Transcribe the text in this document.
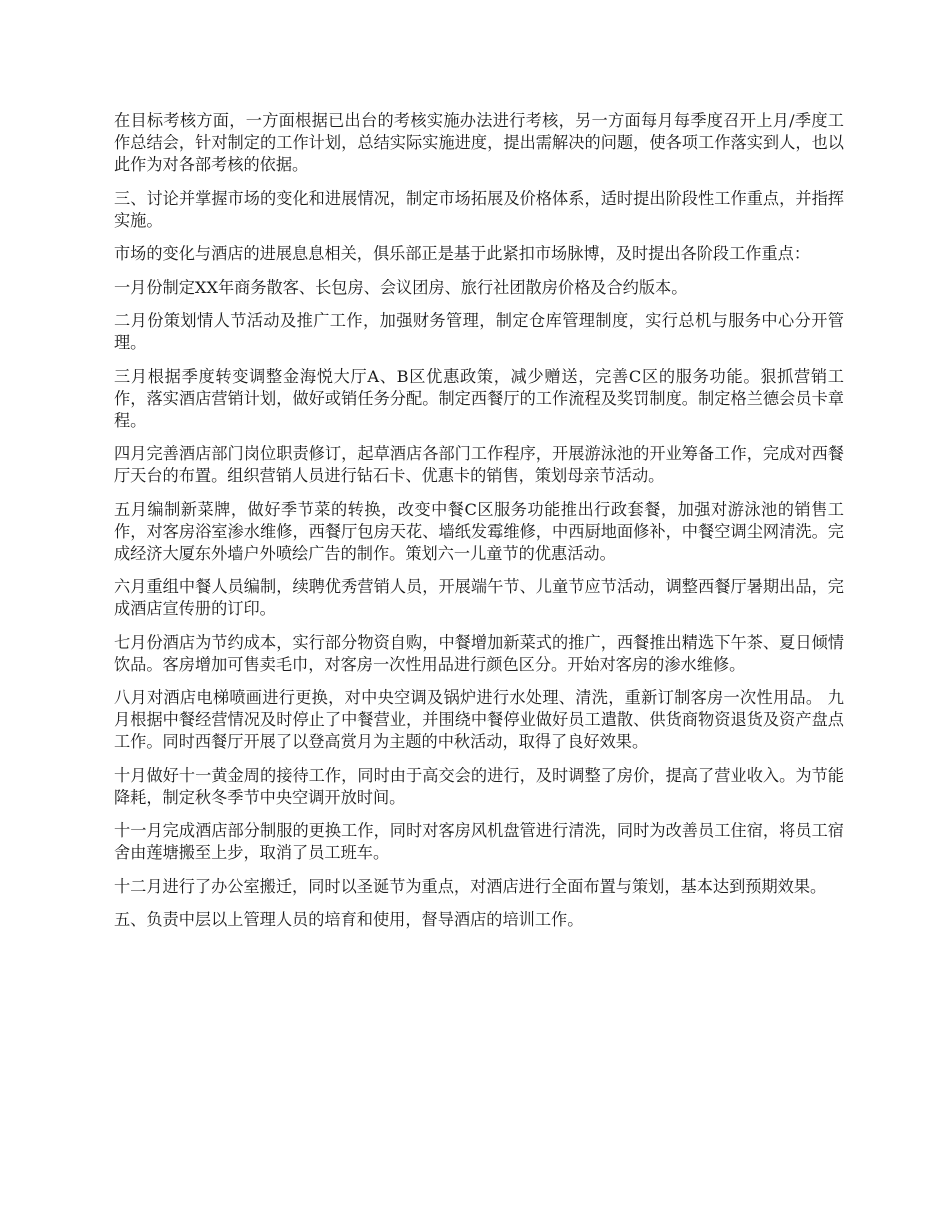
在目标考核方面，一方面根据已出台的考核实施办法进行考核，另一方面每月每季度召开上月/季度工作总结会，针对制定的工作计划，总结实际实施进度，提出需解决的问题，使各项工作落实到人，也以此作为对各部考核的依据。

三、讨论并掌握市场的变化和进展情况，制定市场拓展及价格体系，适时提出阶段性工作重点，并指挥实施。

市场的变化与酒店的进展息息相关，俱乐部正是基于此紧扣市场脉博，及时提出各阶段工作重点：

一月份制定XX年商务散客、长包房、会议团房、旅行社团散房价格及合约版本。

二月份策划情人节活动及推广工作，加强财务管理，制定仓库管理制度，实行总机与服务中心分开管理。

三月根据季度转变调整金海悦大厅A、B区优惠政策，减少赠送，完善C区的服务功能。狠抓营销工作，落实酒店营销计划，做好或销任务分配。制定西餐厅的工作流程及奖罚制度。制定格兰德会员卡章程。

四月完善酒店部门岗位职责修订，起草酒店各部门工作程序，开展游泳池的开业筹备工作，完成对西餐厅天台的布置。组织营销人员进行钻石卡、优惠卡的销售，策划母亲节活动。

五月编制新菜牌，做好季节菜的转换，改变中餐C区服务功能推出行政套餐，加强对游泳池的销售工作，对客房浴室渗水维修，西餐厅包房天花、墙纸发霉维修，中西厨地面修补，中餐空调尘网清洗。完成经济大厦东外墙户外喷绘广告的制作。策划六一儿童节的优惠活动。

六月重组中餐人员编制，续聘优秀营销人员，开展端午节、儿童节应节活动，调整西餐厅暑期出品，完成酒店宣传册的订印。

七月份酒店为节约成本，实行部分物资自购，中餐增加新菜式的推广，西餐推出精选下午茶、夏日倾情饮品。客房增加可售卖毛巾，对客房一次性用品进行颜色区分。开始对客房的渗水维修。

八月对酒店电梯喷画进行更换，对中央空调及锅炉进行水处理、清洗，重新订制客房一次性用品。 九月根据中餐经营情况及时停止了中餐营业，并围绕中餐停业做好员工遣散、供货商物资退货及资产盘点工作。同时西餐厅开展了以登高赏月为主题的中秋活动，取得了良好效果。

十月做好十一黄金周的接待工作，同时由于高交会的进行，及时调整了房价，提高了营业收入。为节能降耗，制定秋冬季节中央空调开放时间。

十一月完成酒店部分制服的更换工作，同时对客房风机盘管进行清洗，同时为改善员工住宿，将员工宿舍由莲塘搬至上步，取消了员工班车。

十二月进行了办公室搬迁，同时以圣诞节为重点，对酒店进行全面布置与策划，基本达到预期效果。

五、负责中层以上管理人员的培育和使用，督导酒店的培训工作。
